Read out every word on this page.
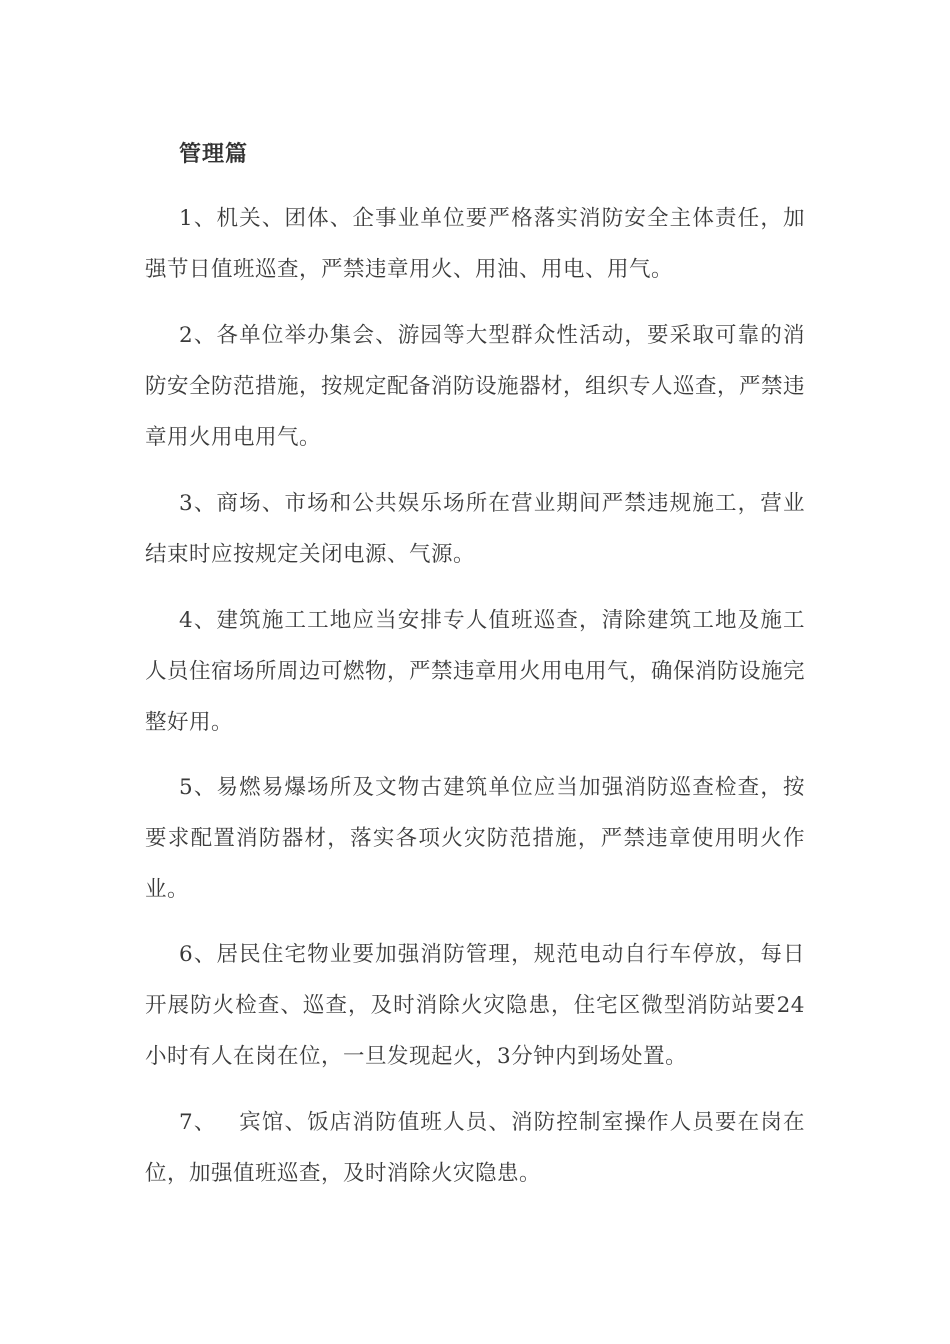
管理篇

1、机关、团体、企事业单位要严格落实消防安全主体责任，加强节日值班巡查，严禁违章用火、用油、用电、用气。

2、各单位举办集会、游园等大型群众性活动，要采取可靠的消防安全防范措施，按规定配备消防设施器材，组织专人巡查，严禁违章用火用电用气。

3、商场、市场和公共娱乐场所在营业期间严禁违规施工，营业结束时应按规定关闭电源、气源。

4、建筑施工工地应当安排专人值班巡查，清除建筑工地及施工人员住宿场所周边可燃物，严禁违章用火用电用气，确保消防设施完整好用。

5、易燃易爆场所及文物古建筑单位应当加强消防巡查检查，按要求配置消防器材，落实各项火灾防范措施，严禁违章使用明火作业。

6、居民住宅物业要加强消防管理，规范电动自行车停放，每日开展防火检查、巡查，及时消除火灾隐患，住宅区微型消防站要24小时有人在岗在位，一旦发现起火，3分钟内到场处置。

7、 宾馆、饭店消防值班人员、消防控制室操作人员要在岗在位，加强值班巡查，及时消除火灾隐患。
